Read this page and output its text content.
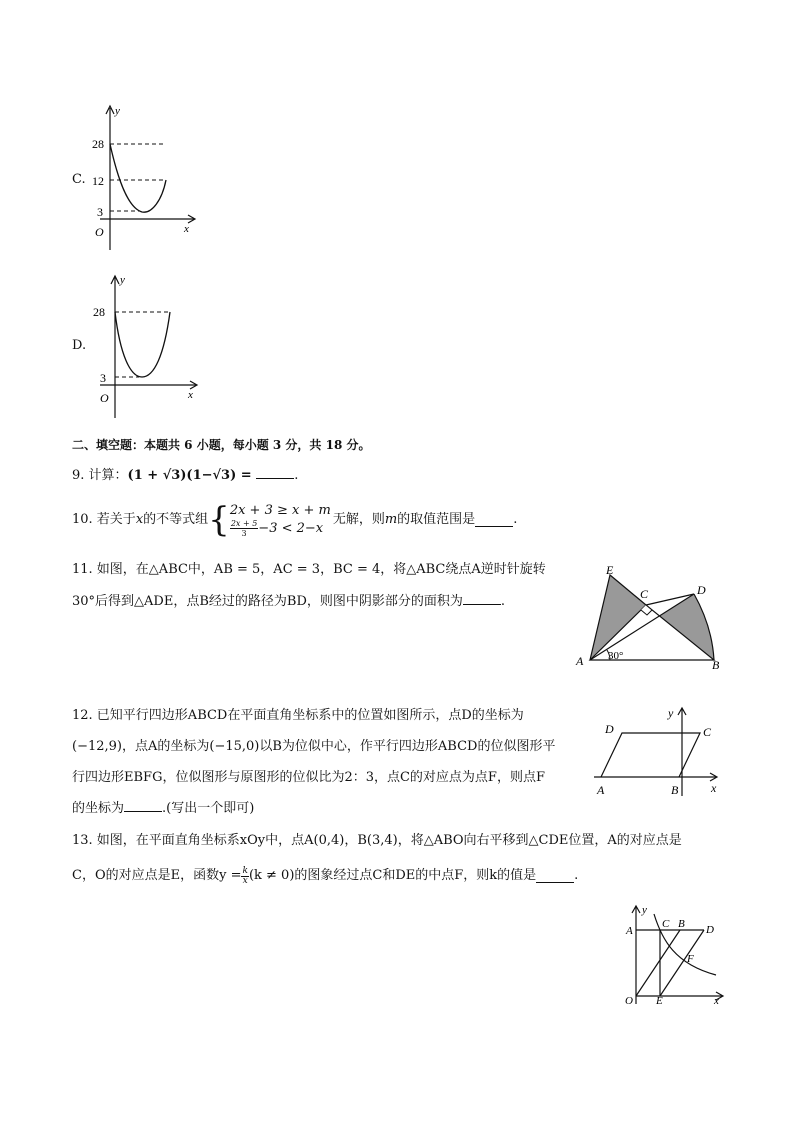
C.
y
x
O
28
12
3
D.
y
x
O
28
3
二、填空题：本题共 6 小题，每小题 3 分，共 18 分。
9. 计算：(1 + √3)(1−√3) =	.
10. 若关于 x 的不等式组 { 2x + 3 ≥ x + m
$\frac{2x + 5}{3} -3 < 2-x$
无解，则 m 的取值范围是	.
11. 如图，在△ABC中，AB = 5，AC = 3，BC = 4，将△ABC绕点A逆时针旋转
30°后得到△ADE，点B经过的路径为BD，则图中阴影部分的面积为	.
E
C	D
A	B
30°
12. 已知平行四边形ABCD在平面直角坐标系中的位置如图所示，点D的坐标为
(−12,9)，点A的坐标为(−15,0)以B为位似中心，作平行四边形ABCD的位似图形平
行四边形EBFG，位似图形与原图形的位似比为2：3，点C的对应点为点F，则点F
的坐标为	.(写出一个即可)
D	C
A	B
y
x
13. 如图，在平面直角坐标系xOy中，点A(0,4)，B(3,4)，将△ABO向右平移到△CDE位置，A的对应点是
C，O的对应点是E，函数$y = \frac{k}{x} (k \ne 0)$的图象经过点C和DE的中点F，则k的值是	.
y
A
C B D
F
O E	x
